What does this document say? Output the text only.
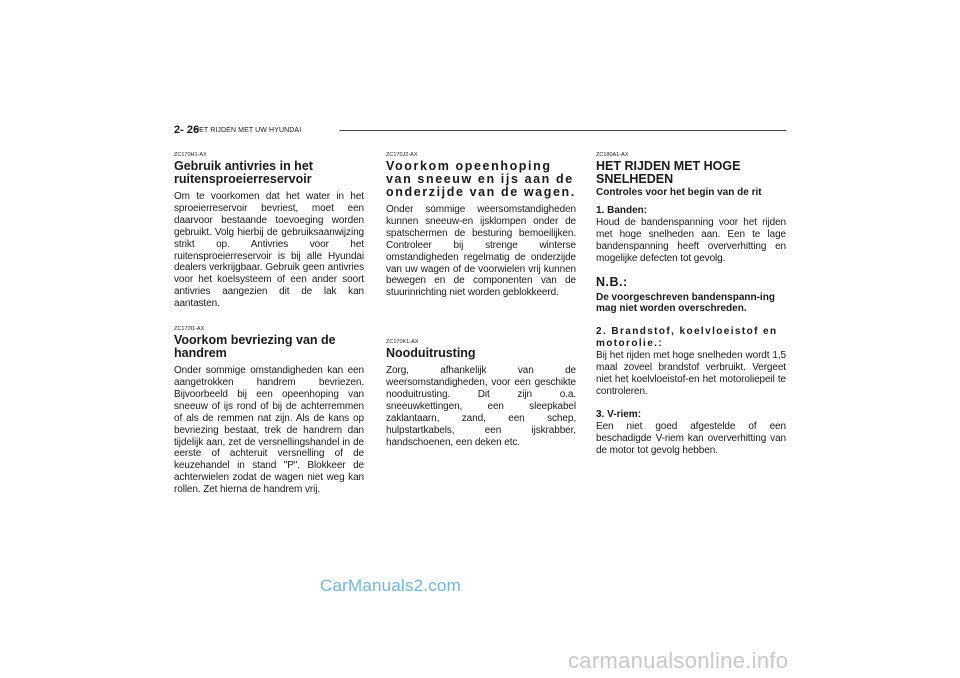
2- 26
HET RIJDEN MET UW HYUNDAI

ZC170H1-AX

Gebruik antivries in het ruitensproeierreservoir

Om te voorkomen dat het water in het sproeierreservoir bevriest, moet een daarvoor bestaande toevoeging worden gebruikt. Volg hierbij de gebruiksaanwijzing strikt op. Antivries voor het ruitensproeierreservoir is bij alle Hyundai dealers verkrijgbaar. Gebruik geen antivries voor het koelsysteem of een ander soort antivries aangezien dit de lak kan aantasten.

ZC170I1-AX

Voorkom bevriezing van de handrem

Onder sommige omstandigheden kan een aangetrokken handrem bevriezen. Bijvoorbeeld bij een opeenhoping van sneeuw of ijs rond of bij de achterremmen of als de remmen nat zijn. Als de kans op bevriezing bestaat, trek de handrem dan tijdelijk aan, zet de versnellingshandel in de eerste of achteruit versnelling of de keuzehandel in stand "P". Blokkeer de achterwielen zodat de wagen niet weg kan rollen. Zet hierna de handrem vrij.

ZC170J2-AX

Voorkom opeenhoping van sneeuw en ijs aan de onderzijde van de wagen.

Onder sommige weersomstandigheden kunnen sneeuw-en ijsklompen onder de spatschermen de besturing bemoeilijken. Controleer bij strenge winterse omstandigheden regelmatig de onderzijde van uw wagen of de voorwielen vrij kunnen bewegen en de componenten van de stuurinrichting niet worden geblokkeerd.

ZC170K1-AX

Nooduitrusting

Zorg, afhankelijk van de weersomstandigheden, voor een geschikte nooduitrusting. Dit zijn o.a. sneeuwkettingen, een sleepkabel zaklantaarn, zand, een schep, hulpstartkabels, een ijskrabber, handschoenen, een deken etc.

ZC180A1-AX

HET RIJDEN MET HOGE SNELHEDEN

Controles voor het begin van de rit

1. Banden:

Houd de bandenspanning voor het rijden met hoge snelheden aan. Een te lage bandenspanning heeft oververhitting en mogelijke defecten tot gevolg.

N.B.:

De voorgeschreven bandenspann-ing mag niet worden overschreden.

2. Brandstof, koelvloeistof en motorolie.:

Bij het rijden met hoge snelheden wordt 1,5 maal zoveel brandstof verbruikt. Vergeet niet het koelvloeistof-en het motoroliepeil te controleren.

3. V-riem:

Een niet goed afgestelde of een beschadigde V-riem kan oververhitting van de motor tot gevolg hebben.

CarManuals2.com
carmanualsonline.info
